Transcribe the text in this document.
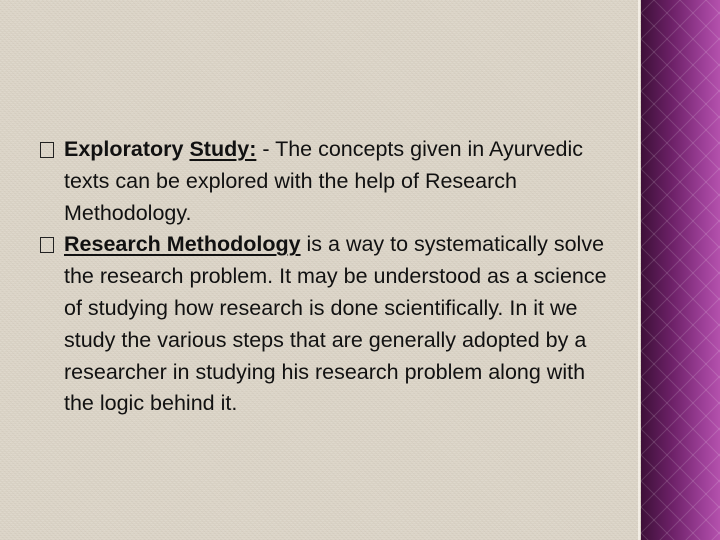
Exploratory Study: - The concepts given in Ayurvedic texts can be explored with the help of Research Methodology.
Research Methodology is a way to systematically solve the research problem. It may be understood as a science of studying how research is done scientifically. In it we study the various steps that are generally adopted by a researcher in studying his research problem along with the logic behind it.
